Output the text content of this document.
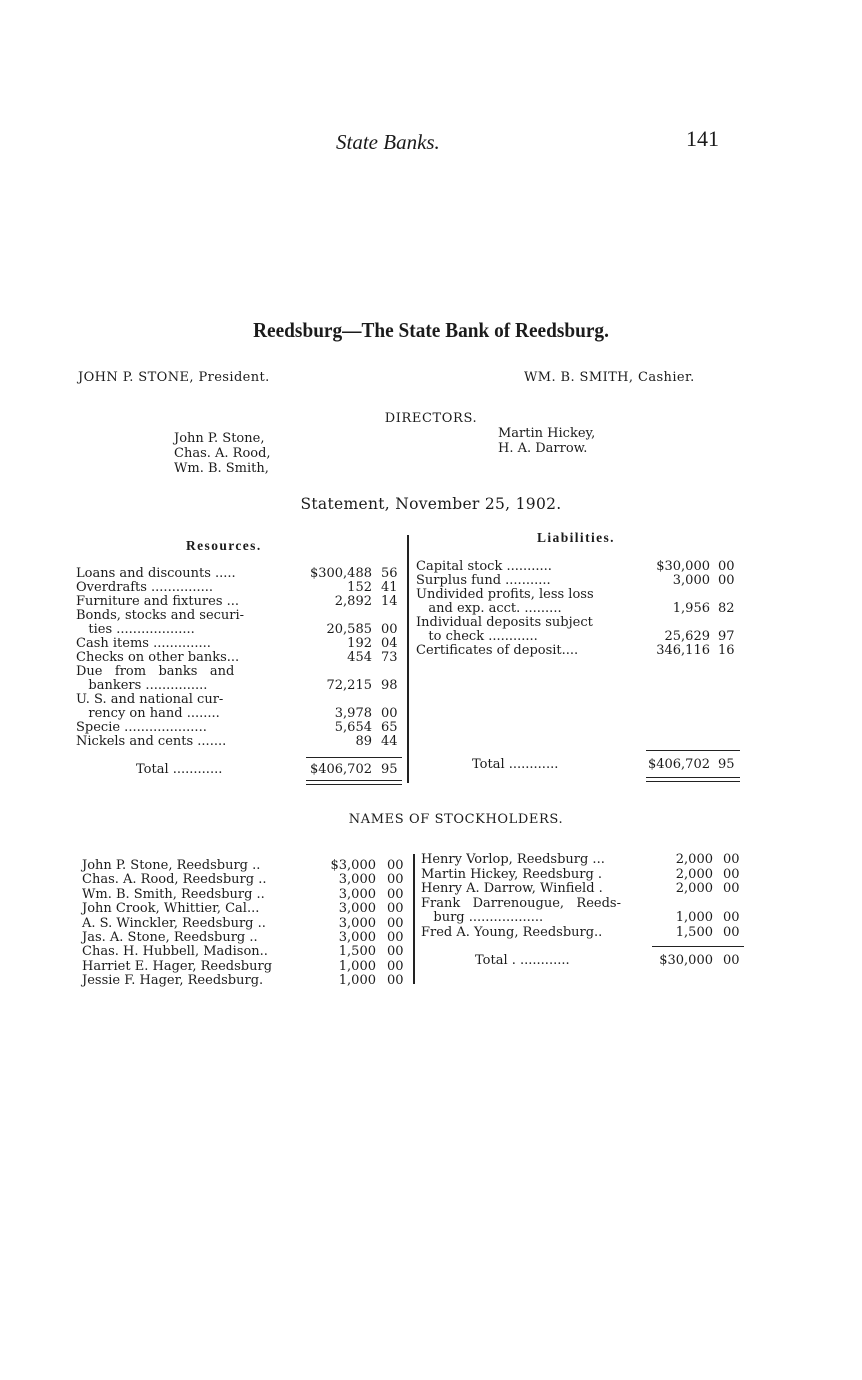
State Banks.	141
Reedsburg—The State Bank of Reedsburg.
JOHN P. STONE, President.	WM. B. SMITH, Cashier.
DIRECTORS.
John P. Stone,
Chas. A. Rood,
Wm. B. Smith,
Martin Hickey,
H. A. Darrow.
Statement, November 25, 1902.
Resources.
Loans and discounts .....	$300,488 56
Overdrafts ...............	152 41
Furniture and fixtures ...	2,892 14
Bonds, stocks and securi-
ties ...................	20,585 00
Cash items ..............	192 04
Checks on other banks...	454 73
Due   from   banks   and
bankers ...............	72,215 98
U. S. and national cur-
rency on hand ........	3,978 00
Specie ....................	5,654 65
Nickels and cents .......	89 44
Total ............	$406,702 95
Liabilities.
Capital stock ...........	$30,000 00
Surplus fund ...........	3,000 00
Undivided profits, less loss
and exp. acct. .........	1,956 82
Individual deposits subject
to check ............	25,629 97
Certificates of deposit....	346,116 16
Total ............	$406,702 95
NAMES OF STOCKHOLDERS.
John P. Stone, Reedsburg ..	$3,000 00
Chas. A. Rood, Reedsburg ..	3,000 00
Wm. B. Smith, Reedsburg ..	3,000 00
John Crook, Whittier, Cal...	3,000 00
A. S. Winckler, Reedsburg ..	3,000 00
Jas. A. Stone, Reedsburg ..	3,000 00
Chas. H. Hubbell, Madison..	1,500 00
Harriet E. Hager, Reedsburg	1,000 00
Jessie F. Hager, Reedsburg.	1,000 00
Henry Vorlop, Reedsburg ...	2,000 00
Martin Hickey, Reedsburg .	2,000 00
Henry A. Darrow, Winfield .	2,000 00
Frank   Darrenougue,   Reeds-
burg ..................	1,000 00
Fred A. Young, Reedsburg..	1,500 00
Total . ............	$30,000 00
